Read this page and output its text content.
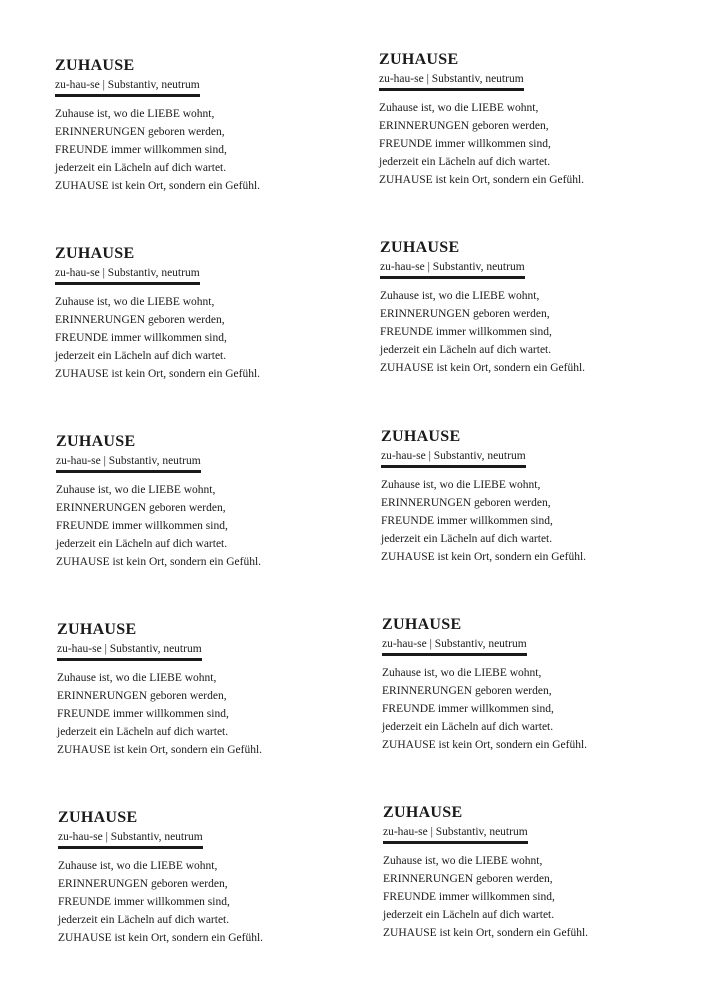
ZUHAUSE
zu-hau-se | Substantiv, neutrum
Zuhause ist, wo die LIEBE wohnt,
ERINNERUNGEN geboren werden,
FREUNDE immer willkommen sind,
jederzeit ein Lächeln auf dich wartet.
ZUHAUSE ist kein Ort, sondern ein Gefühl.
ZUHAUSE
zu-hau-se | Substantiv, neutrum
Zuhause ist, wo die LIEBE wohnt,
ERINNERUNGEN geboren werden,
FREUNDE immer willkommen sind,
jederzeit ein Lächeln auf dich wartet.
ZUHAUSE ist kein Ort, sondern ein Gefühl.
ZUHAUSE
zu-hau-se | Substantiv, neutrum
Zuhause ist, wo die LIEBE wohnt,
ERINNERUNGEN geboren werden,
FREUNDE immer willkommen sind,
jederzeit ein Lächeln auf dich wartet.
ZUHAUSE ist kein Ort, sondern ein Gefühl.
ZUHAUSE
zu-hau-se | Substantiv, neutrum
Zuhause ist, wo die LIEBE wohnt,
ERINNERUNGEN geboren werden,
FREUNDE immer willkommen sind,
jederzeit ein Lächeln auf dich wartet.
ZUHAUSE ist kein Ort, sondern ein Gefühl.
ZUHAUSE
zu-hau-se | Substantiv, neutrum
Zuhause ist, wo die LIEBE wohnt,
ERINNERUNGEN geboren werden,
FREUNDE immer willkommen sind,
jederzeit ein Lächeln auf dich wartet.
ZUHAUSE ist kein Ort, sondern ein Gefühl.
ZUHAUSE
zu-hau-se | Substantiv, neutrum
Zuhause ist, wo die LIEBE wohnt,
ERINNERUNGEN geboren werden,
FREUNDE immer willkommen sind,
jederzeit ein Lächeln auf dich wartet.
ZUHAUSE ist kein Ort, sondern ein Gefühl.
ZUHAUSE
zu-hau-se | Substantiv, neutrum
Zuhause ist, wo die LIEBE wohnt,
ERINNERUNGEN geboren werden,
FREUNDE immer willkommen sind,
jederzeit ein Lächeln auf dich wartet.
ZUHAUSE ist kein Ort, sondern ein Gefühl.
ZUHAUSE
zu-hau-se | Substantiv, neutrum
Zuhause ist, wo die LIEBE wohnt,
ERINNERUNGEN geboren werden,
FREUNDE immer willkommen sind,
jederzeit ein Lächeln auf dich wartet.
ZUHAUSE ist kein Ort, sondern ein Gefühl.
ZUHAUSE
zu-hau-se | Substantiv, neutrum
Zuhause ist, wo die LIEBE wohnt,
ERINNERUNGEN geboren werden,
FREUNDE immer willkommen sind,
jederzeit ein Lächeln auf dich wartet.
ZUHAUSE ist kein Ort, sondern ein Gefühl.
ZUHAUSE
zu-hau-se | Substantiv, neutrum
Zuhause ist, wo die LIEBE wohnt,
ERINNERUNGEN geboren werden,
FREUNDE immer willkommen sind,
jederzeit ein Lächeln auf dich wartet.
ZUHAUSE ist kein Ort, sondern ein Gefühl.
